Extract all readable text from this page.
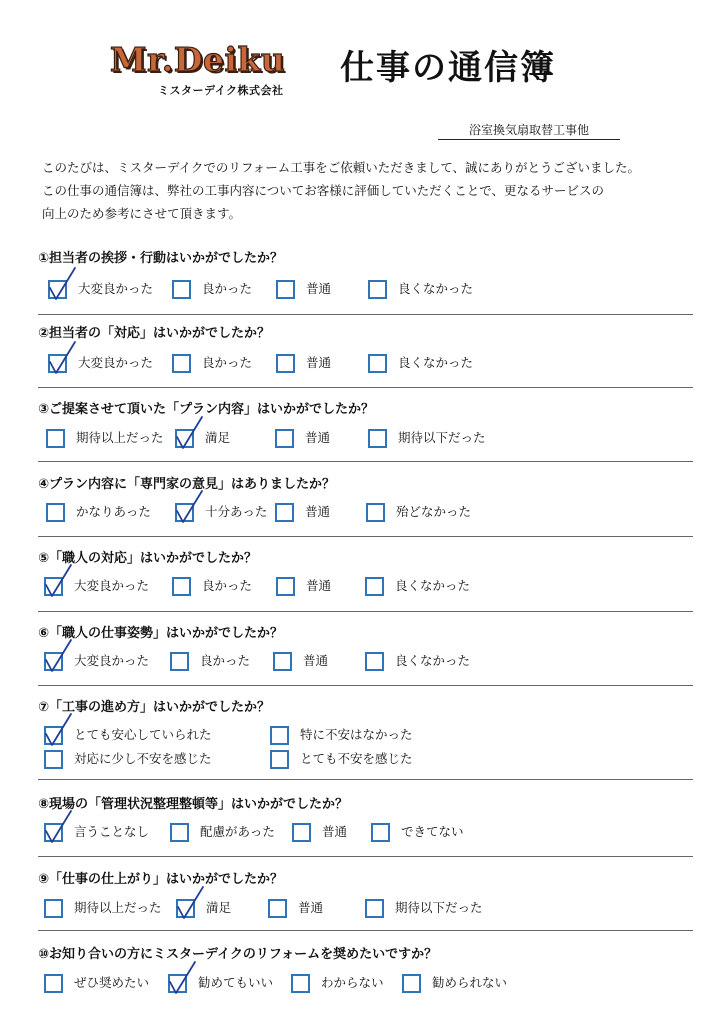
Mr.Deiku 仕事の通信簿
ミスターデイク株式会社
浴室換気扇取替工事他
このたびは、ミスターデイクでのリフォーム工事をご依頼いただきまして、誠にありがとうございました。
この仕事の通信簿は、弊社の工事内容についてお客様に評価していただくことで、更なるサービスの
向上のため参考にさせて頂きます。
①担当者の挨拶・行動はいかがでしたか？
大変良かった	良かった	普通	良くなかった
②担当者の「対応」はいかがでしたか？
大変良かった	良かった	普通	良くなかった
③ご提案させて頂いた「プラン内容」はいかがでしたか？
期待以上だった	満足	普通	期待以下だった
④プラン内容に「専門家の意見」はありましたか？
かなりあった	十分あった	普通	殆どなかった
⑤「職人の対応」はいかがでしたか？
大変良かった	良かった	普通	良くなかった
⑥「職人の仕事姿勢」はいかがでしたか？
大変良かった	良かった	普通	良くなかった
⑦「工事の進め方」はいかがでしたか？
とても安心していられた	特に不安はなかった
対応に少し不安を感じた	とても不安を感じた
⑧現場の「管理状況整理整頓等」はいかがでしたか？
言うことなし	配慮があった	普通	できてない
⑨「仕事の仕上がり」はいかがでしたか？
期待以上だった	満足	普通	期待以下だった
⑩お知り合いの方にミスターデイクのリフォームを奨めたいですか？
ぜひ奨めたい	勧めてもいい	わからない	勧められない
